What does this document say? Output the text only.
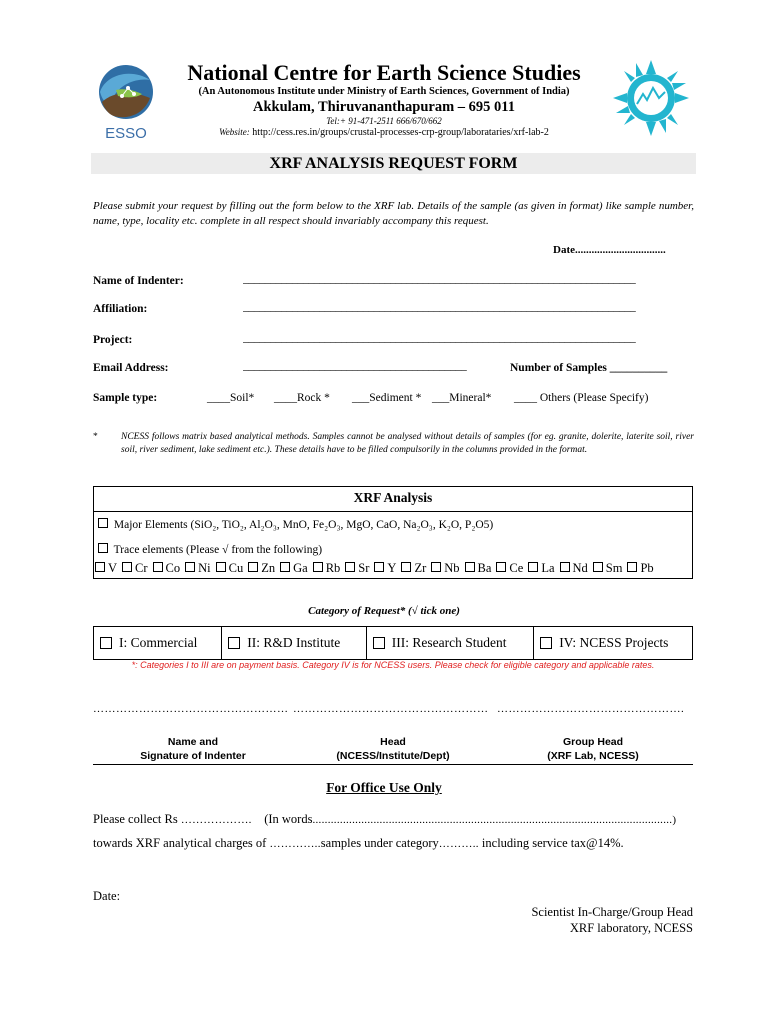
ESSO
National Centre for Earth Science Studies
(An Autonomous Institute under Ministry of Earth Sciences, Government of India)
Akkulam, Thiruvananthapuram – 695 011
Tel:+ 91-471-2511 666/670/662
Website: http://cess.res.in/groups/crustal-processes-crp-group/laborataries/xrf-lab-2
XRF ANALYSIS REQUEST FORM
Please submit your request by filling out the form below to the XRF lab. Details of the sample (as given in format) like sample number, name, type, locality etc. complete in all respect should invariably accompany this request.
Date.................................
Name of Indenter:	________________________________________________________________________
Affiliation:	________________________________________________________________________
Project:	________________________________________________________________________
Email Address:	_________________________________________	Number of Samples __________
Sample type:	____Soil* ____Rock * ___Sediment * ___Mineral* ____ Others (Please Specify)
* NCESS follows matrix based analytical methods. Samples cannot be analysed without details of samples (for eg. granite, dolerite, laterite soil, river soil, river sediment, lake sediment etc.). These details have to be filled compulsorily in the columns provided in the format.
XRF Analysis
Major Elements (SiO₂, TiO₂, Al₂O₃, MnO, Fe₂O₃, MgO, CaO, Na₂O₃, K₂O, P₂O5)
Trace elements (Please √ from the following)
V Cr Co Ni Cu Zn Ga Rb Sr Y Zr Nb Ba Ce La Nd Sm Pb
Category of Request* (√ tick one)
I: Commercial	II: R&D Institute	III: Research Student	IV: NCESS Projects
*: Categories I to III are on payment basis. Category IV is for NCESS users. Please check for eligible category and applicable rates.
…………………………………………… …………………………………………… ………………………………………….
Name and
Signature of Indenter
Head
(NCESS/Institute/Dept)
Group Head
(XRF Lab, NCESS)
For Office Use Only
Please collect Rs ………………. (In words......................................................................................................................)
towards XRF analytical charges of …………..samples under category……….. including service tax@14%.
Date:
Scientist In-Charge/Group Head
XRF laboratory, NCESS
